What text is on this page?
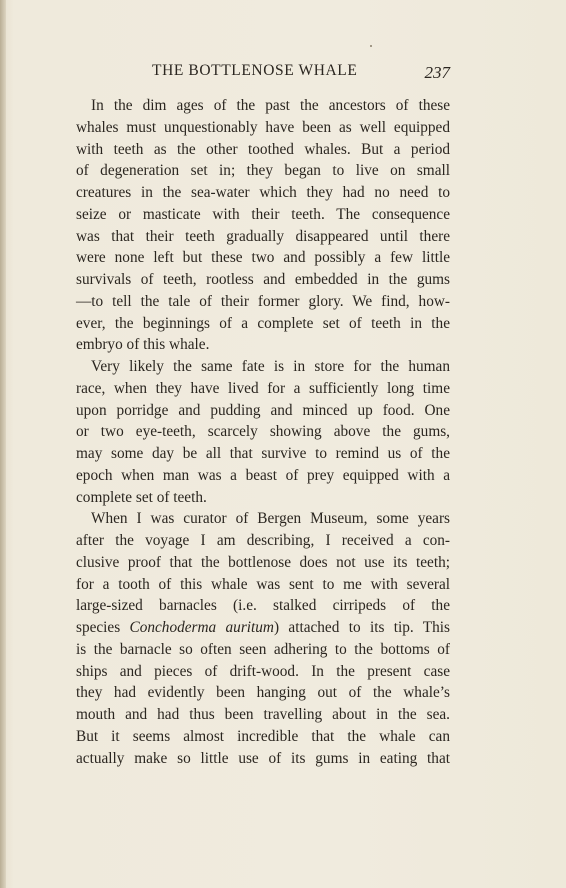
THE BOTTLENOSE WHALE	237
In the dim ages of the past the ancestors of these
whales must unquestionably have been as well equipped
with teeth as the other toothed whales. But a period
of degeneration set in; they began to live on small
creatures in the sea-water which they had no need to
seize or masticate with their teeth. The consequence
was that their teeth gradually disappeared until there
were none left but these two and possibly a few little
survivals of teeth, rootless and embedded in the gums
—to tell the tale of their former glory. We find, how-
ever, the beginnings of a complete set of teeth in the
embryo of this whale.
Very likely the same fate is in store for the human
race, when they have lived for a sufficiently long time
upon porridge and pudding and minced up food. One
or two eye-teeth, scarcely showing above the gums,
may some day be all that survive to remind us of the
epoch when man was a beast of prey equipped with a
complete set of teeth.
When I was curator of Bergen Museum, some years
after the voyage I am describing, I received a con-
clusive proof that the bottlenose does not use its teeth;
for a tooth of this whale was sent to me with several
large-sized barnacles (i.e. stalked cirripeds of the
species Conchoderma auritum) attached to its tip. This
is the barnacle so often seen adhering to the bottoms of
ships and pieces of drift-wood. In the present case
they had evidently been hanging out of the whale’s
mouth and had thus been travelling about in the sea.
But it seems almost incredible that the whale can
actually make so little use of its gums in eating that
